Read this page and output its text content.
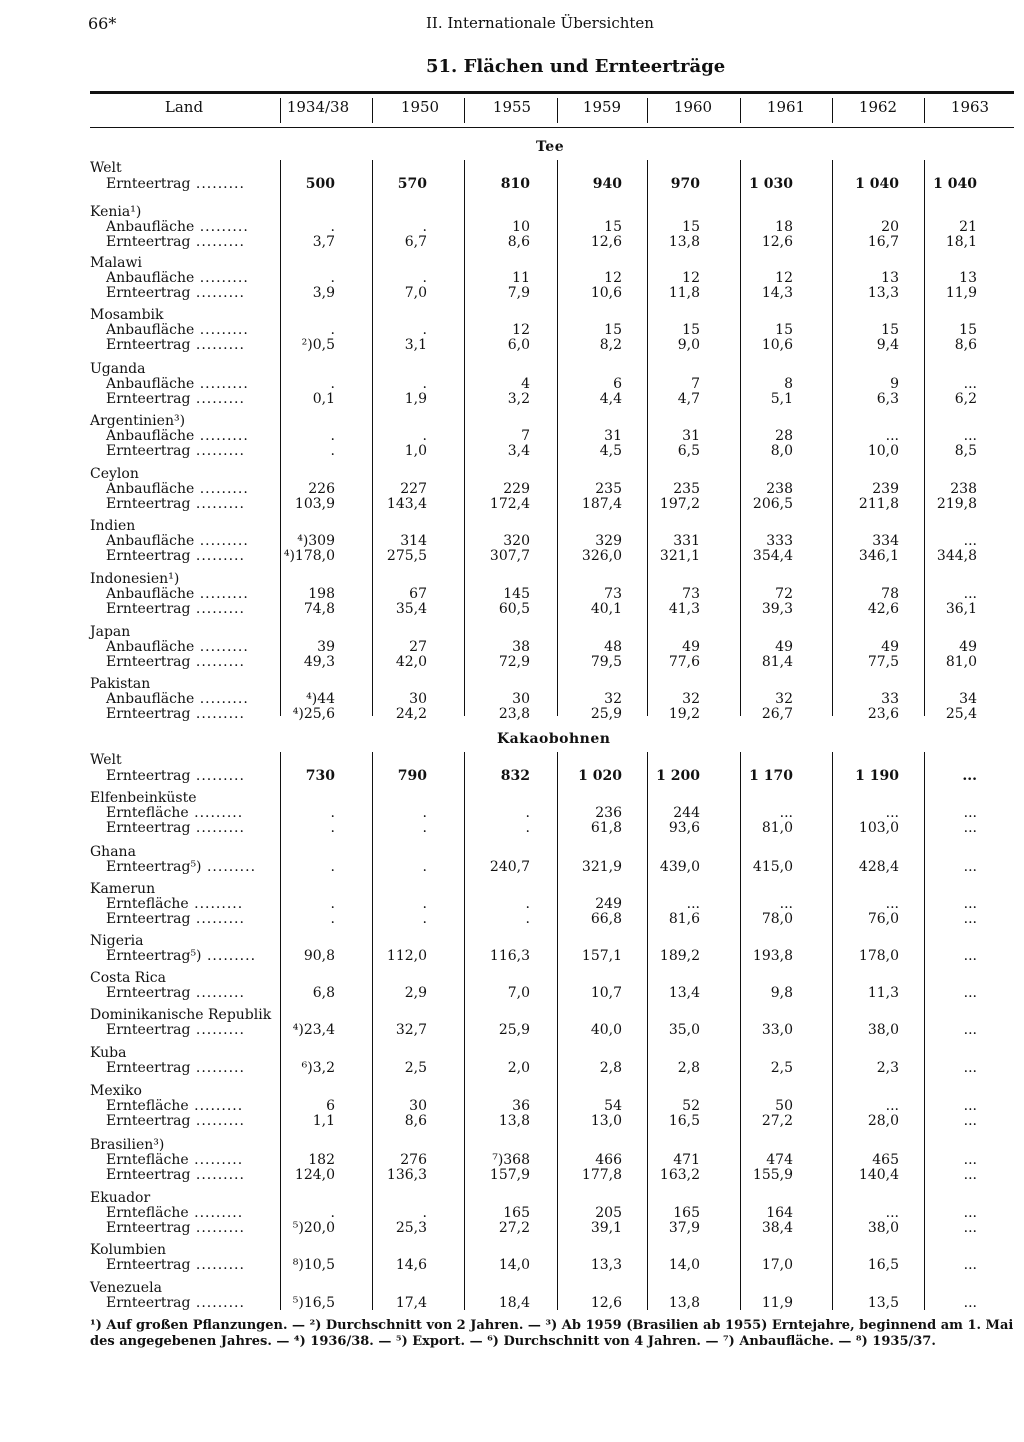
66*	II. Internationale Übersichten
51. Flächen und Ernteerträge
Land	1934/38	1950	1955	1959	1960	1961	1962	1963
Tee
Welt
Ernteertrag .........	500	570	810	940	970	1 030	1 040	1 040
Kenia¹)
Anbaufläche .........	.	.	10	15	15	18	20	21
Ernteertrag .........	3,7	6,7	8,6	12,6	13,8	12,6	16,7	18,1
Malawi
Anbaufläche .........	.	.	11	12	12	12	13	13
Ernteertrag .........	3,9	7,0	7,9	10,6	11,8	14,3	13,3	11,9
Mosambik
Anbaufläche .........	.	.	12	15	15	15	15	15
Ernteertrag .........	²)0,5	3,1	6,0	8,2	9,0	10,6	9,4	8,6
Uganda
Anbaufläche .........	.	.	4	6	7	8	9	...
Ernteertrag .........	0,1	1,9	3,2	4,4	4,7	5,1	6,3	6,2
Argentinien³)
Anbaufläche .........	.	.	7	31	31	28	...	...
Ernteertrag .........	.	1,0	3,4	4,5	6,5	8,0	10,0	8,5
Ceylon
Anbaufläche .........	226	227	229	235	235	238	239	238
Ernteertrag .........	103,9	143,4	172,4	187,4	197,2	206,5	211,8	219,8
Indien
Anbaufläche .........	⁴)309	314	320	329	331	333	334	...
Ernteertrag .........	⁴)178,0	275,5	307,7	326,0	321,1	354,4	346,1	344,8
Indonesien¹)
Anbaufläche .........	198	67	145	73	73	72	78	...
Ernteertrag .........	74,8	35,4	60,5	40,1	41,3	39,3	42,6	36,1
Japan
Anbaufläche .........	39	27	38	48	49	49	49	49
Ernteertrag .........	49,3	42,0	72,9	79,5	77,6	81,4	77,5	81,0
Pakistan
Anbaufläche .........	⁴)44	30	30	32	32	32	33	34
Ernteertrag .........	⁴)25,6	24,2	23,8	25,9	19,2	26,7	23,6	25,4
Kakaobohnen
Welt
Ernteertrag .........	730	790	832	1 020	1 200	1 170	1 190	...
Elfenbeinküste
Erntefläche .........	.	.	.	236	244	...	...	...
Ernteertrag .........	.	.	.	61,8	93,6	81,0	103,0	...
Ghana
Ernteertrag⁵) .........	.	.	240,7	321,9	439,0	415,0	428,4	...
Kamerun
Erntefläche .........	.	.	.	249	...	...	...	...
Ernteertrag .........	.	.	.	66,8	81,6	78,0	76,0	...
Nigeria
Ernteertrag⁵) .........	90,8	112,0	116,3	157,1	189,2	193,8	178,0	...
Costa Rica
Ernteertrag .........	6,8	2,9	7,0	10,7	13,4	9,8	11,3	...
Dominikanische Republik
Ernteertrag .........	⁴)23,4	32,7	25,9	40,0	35,0	33,0	38,0	...
Kuba
Ernteertrag .........	⁶)3,2	2,5	2,0	2,8	2,8	2,5	2,3	...
Mexiko
Erntefläche .........	6	30	36	54	52	50	...	...
Ernteertrag .........	1,1	8,6	13,8	13,0	16,5	27,2	28,0	...
Brasilien³)
Erntefläche .........	182	276	⁷)368	466	471	474	465	...
Ernteertrag .........	124,0	136,3	157,9	177,8	163,2	155,9	140,4	...
Ekuador
Erntefläche .........	.	.	165	205	165	164	...	...
Ernteertrag .........	⁵)20,0	25,3	27,2	39,1	37,9	38,4	38,0	...
Kolumbien
Ernteertrag .........	⁸)10,5	14,6	14,0	13,3	14,0	17,0	16,5	...
Venezuela
Ernteertrag .........	⁵)16,5	17,4	18,4	12,6	13,8	11,9	13,5	...
¹) Auf großen Pflanzungen. — ²) Durchschnitt von 2 Jahren. — ³) Ab 1959 (Brasilien ab 1955) Erntejahre, beginnend am 1. Mai
des angegebenen Jahres. — ⁴) 1936/38. — ⁵) Export. — ⁶) Durchschnitt von 4 Jahren. — ⁷) Anbaufläche. — ⁸) 1935/37.
